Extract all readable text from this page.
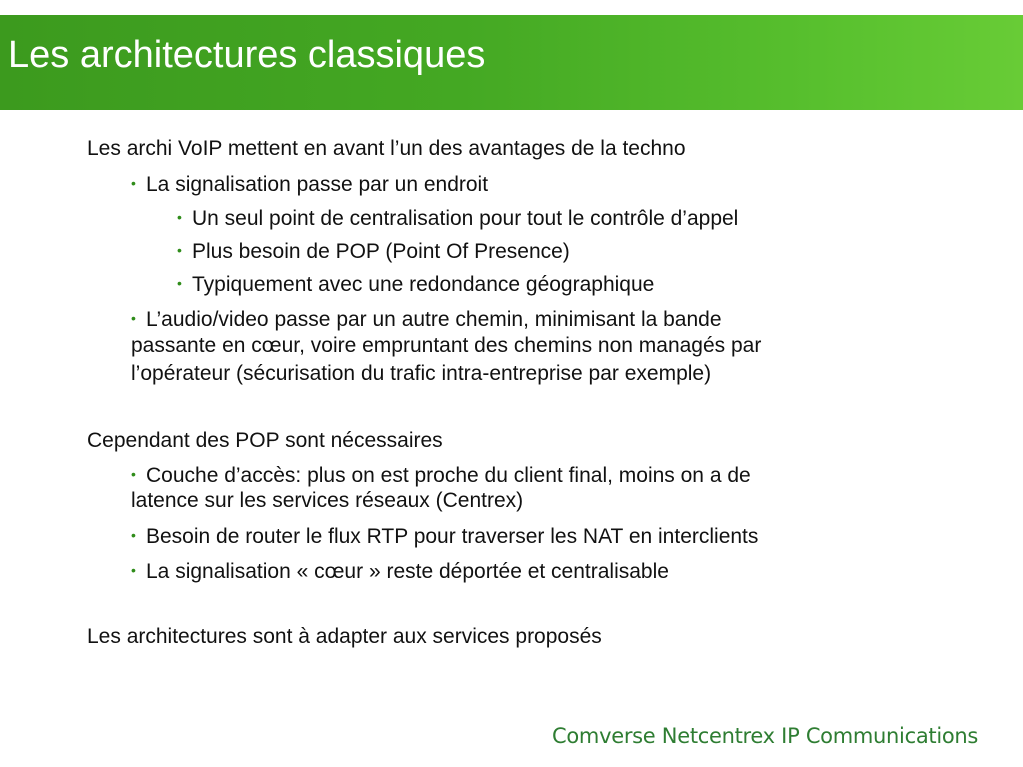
Les architectures classiques
Les archi VoIP mettent en avant l’un des avantages de la techno
• La signalisation passe par un endroit
• Un seul point de centralisation pour tout le contrôle d’appel
• Plus besoin de POP (Point Of Presence)
• Typiquement avec une redondance géographique
• L’audio/video passe par un autre chemin, minimisant la bande
passante en cœur, voire empruntant des chemins non managés par
l’opérateur (sécurisation du trafic intra-entreprise par exemple)
Cependant des POP sont nécessaires
• Couche d’accès: plus on est proche du client final, moins on a de
latence sur les services réseaux (Centrex)
• Besoin de router le flux RTP pour traverser les NAT en interclients
• La signalisation « cœur » reste déportée et centralisable
Les architectures sont à adapter aux services proposés
Comverse Netcentrex IP Communications
